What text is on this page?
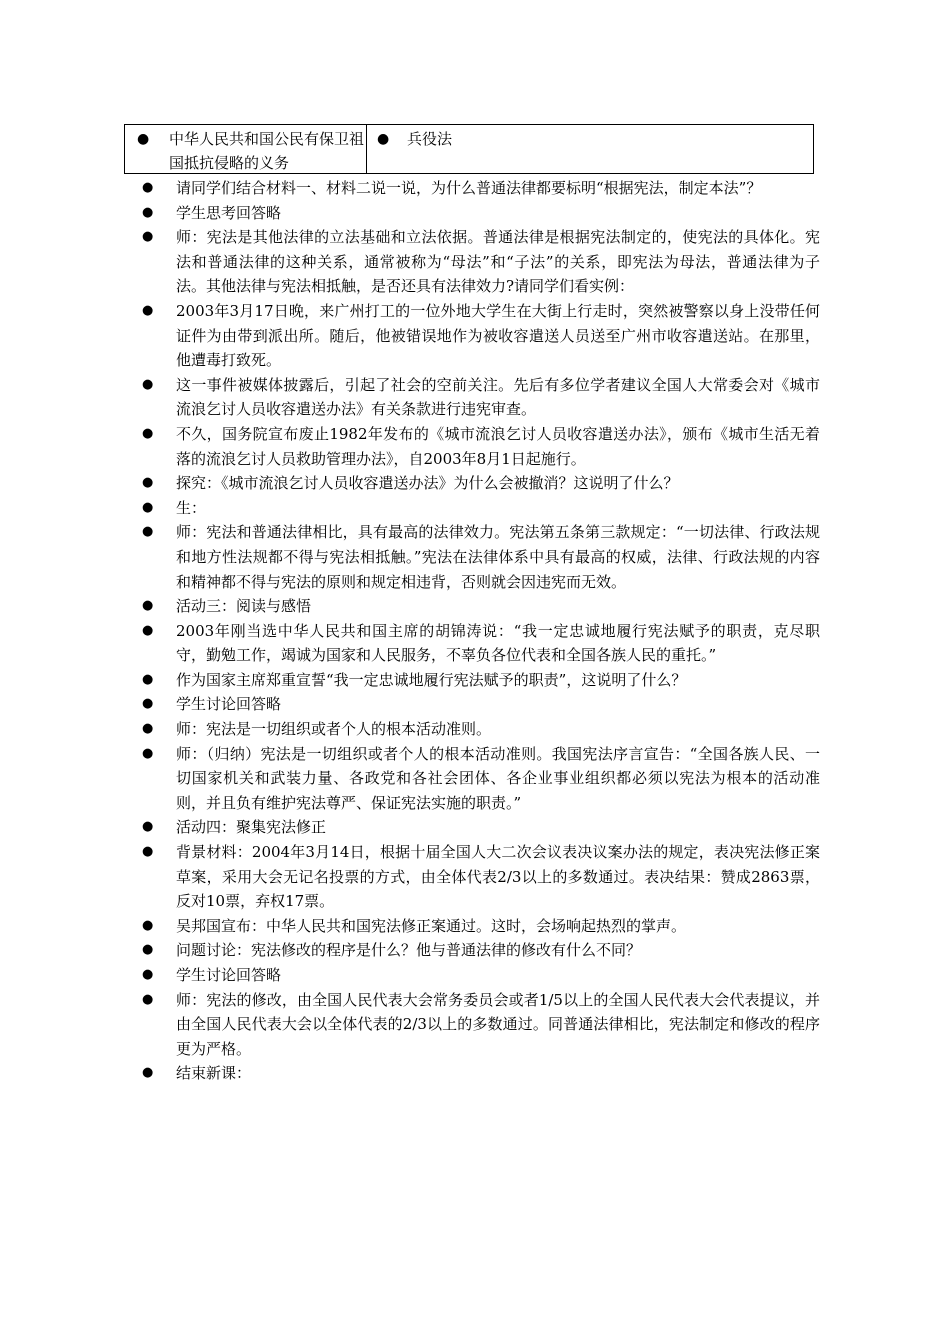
● 中华人民共和国公民有保卫祖国抵抗侵略的义务
● 兵役法
● 请同学们结合材料一、材料二说一说，为什么普通法律都要标明“根据宪法，制定本法”？
● 学生思考回答略
● 师：宪法是其他法律的立法基础和立法依据。普通法律是根据宪法制定的，使宪法的具体化。宪法和普通法律的这种关系，通常被称为“母法”和“子法”的关系，即宪法为母法，普通法律为子法。其他法律与宪法相抵触，是否还具有法律效力?请同学们看实例：
● 2003年3月17日晚，来广州打工的一位外地大学生在大街上行走时，突然被警察以身上没带任何证件为由带到派出所。随后，他被错误地作为被收容遣送人员送至广州市收容遣送站。在那里，他遭毒打致死。
● 这一事件被媒体披露后，引起了社会的空前关注。先后有多位学者建议全国人大常委会对《城市流浪乞讨人员收容遣送办法》有关条款进行违宪审查。
● 不久，国务院宣布废止1982年发布的《城市流浪乞讨人员收容遣送办法》，颁布《城市生活无着落的流浪乞讨人员救助管理办法》，自2003年8月1日起施行。
● 探究：《城市流浪乞讨人员收容遣送办法》为什么会被撤消？这说明了什么？
● 生：
● 师：宪法和普通法律相比，具有最高的法律效力。宪法第五条第三款规定：“一切法律、行政法规和地方性法规都不得与宪法相抵触。”宪法在法律体系中具有最高的权威，法律、行政法规的内容和精神都不得与宪法的原则和规定相违背，否则就会因违宪而无效。
● 活动三：阅读与感悟
● 2003年刚当选中华人民共和国主席的胡锦涛说：“我一定忠诚地履行宪法赋予的职责，克尽职守，勤勉工作，竭诚为国家和人民服务，不辜负各位代表和全国各族人民的重托。”
● 作为国家主席郑重宣誓“我一定忠诚地履行宪法赋予的职责”，这说明了什么？
● 学生讨论回答略
● 师：宪法是一切组织或者个人的根本活动准则。
● 师：（归纳）宪法是一切组织或者个人的根本活动准则。我国宪法序言宣告：“全国各族人民、一切国家机关和武装力量、各政党和各社会团体、各企业事业组织都必须以宪法为根本的活动准则，并且负有维护宪法尊严、保证宪法实施的职责。”
● 活动四：聚集宪法修正
● 背景材料：2004年3月14日，根据十届全国人大二次会议表决议案办法的规定，表决宪法修正案草案，采用大会无记名投票的方式，由全体代表2/3以上的多数通过。表决结果：赞成2863票，反对10票，弃权17票。
● 吴邦国宣布：中华人民共和国宪法修正案通过。这时，会场响起热烈的掌声。
● 问题讨论：宪法修改的程序是什么？他与普通法律的修改有什么不同？
● 学生讨论回答略
● 师：宪法的修改，由全国人民代表大会常务委员会或者1/5以上的全国人民代表大会代表提议，并由全国人民代表大会以全体代表的2/3以上的多数通过。同普通法律相比，宪法制定和修改的程序更为严格。
● 结束新课：
